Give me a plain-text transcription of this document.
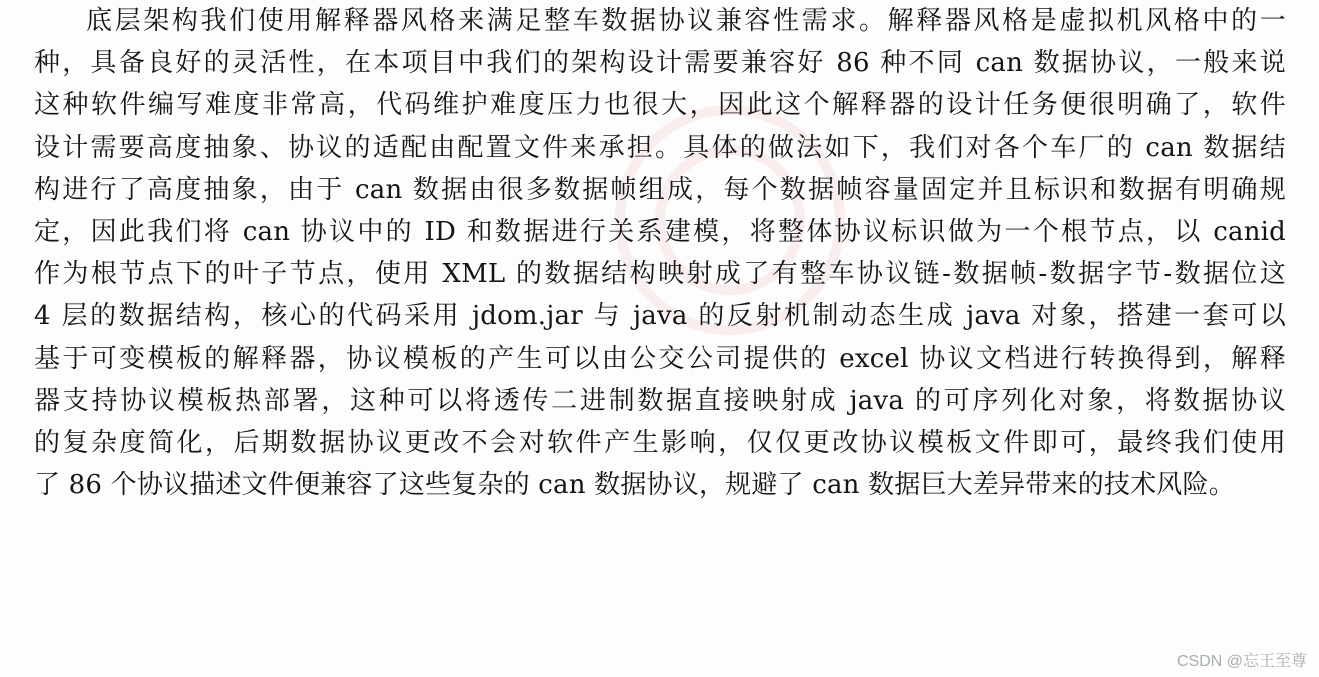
底层架构我们使用解释器风格来满足整车数据协议兼容性需求。解释器风格是虚拟机风格中的一
种，具备良好的灵活性，在本项目中我们的架构设计需要兼容好 86 种不同 can 数据协议，一般来说
这种软件编写难度非常高，代码维护难度压力也很大，因此这个解释器的设计任务便很明确了，软件
设计需要高度抽象、协议的适配由配置文件来承担。具体的做法如下，我们对各个车厂的 can 数据结
构进行了高度抽象，由于 can 数据由很多数据帧组成，每个数据帧容量固定并且标识和数据有明确规
定，因此我们将 can 协议中的 ID 和数据进行关系建模，将整体协议标识做为一个根节点，以 canid
作为根节点下的叶子节点，使用 XML 的数据结构映射成了有整车协议链-数据帧-数据字节-数据位这
4 层的数据结构，核心的代码采用 jdom.jar 与 java 的反射机制动态生成 java 对象，搭建一套可以
基于可变模板的解释器，协议模板的产生可以由公交公司提供的 excel 协议文档进行转换得到，解释
器支持协议模板热部署，这种可以将透传二进制数据直接映射成 java 的可序列化对象，将数据协议
的复杂度简化，后期数据协议更改不会对软件产生影响，仅仅更改协议模板文件即可，最终我们使用
了 86 个协议描述文件便兼容了这些复杂的 can 数据协议，规避了 can 数据巨大差异带来的技术风险。
CSDN @忘王至尊
